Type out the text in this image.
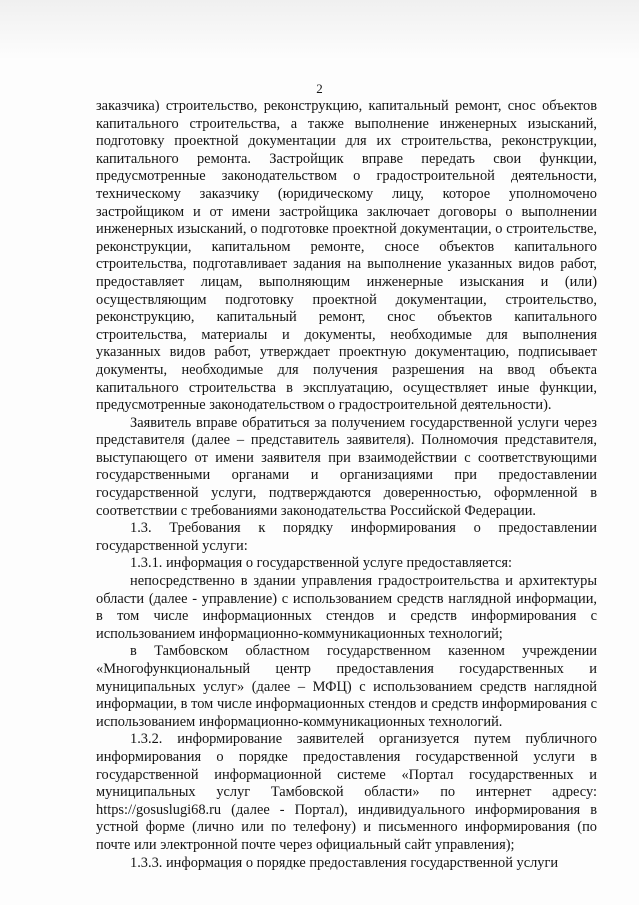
2

заказчика) строительство, реконструкцию, капитальный ремонт, снос объектов капитального строительства, а также выполнение инженерных изысканий, подготовку проектной документации для их строительства, реконструкции, капитального ремонта. Застройщик вправе передать свои функции, предусмотренные законодательством о градостроительной деятельности, техническому заказчику (юридическому лицу, которое уполномочено застройщиком и от имени застройщика заключает договоры о выполнении инженерных изысканий, о подготовке проектной документации, о строительстве, реконструкции, капитальном ремонте, сносе объектов капитального строительства, подготавливает задания на выполнение указанных видов работ, предоставляет лицам, выполняющим инженерные изыскания и (или) осуществляющим подготовку проектной документации, строительство, реконструкцию, капитальный ремонт, снос объектов капитального строительства, материалы и документы, необходимые для выполнения указанных видов работ, утверждает проектную документацию, подписывает документы, необходимые для получения разрешения на ввод объекта капитального строительства в эксплуатацию, осуществляет иные функции, предусмотренные законодательством о градостроительной деятельности).

Заявитель вправе обратиться за получением государственной услуги через представителя (далее – представитель заявителя). Полномочия представителя, выступающего от имени заявителя при взаимодействии с соответствующими государственными органами и организациями при предоставлении государственной услуги, подтверждаются доверенностью, оформленной в соответствии с требованиями законодательства Российской Федерации.

1.3. Требования к порядку информирования о предоставлении государственной услуги:

1.3.1. информация о государственной услуге предоставляется:

непосредственно в здании управления градостроительства и архитектуры области (далее - управление) с использованием средств наглядной информации, в том числе информационных стендов и средств информирования с использованием информационно-коммуникационных технологий;

в Тамбовском областном государственном казенном учреждении «Многофункциональный центр предоставления государственных и муниципальных услуг» (далее – МФЦ) с использованием средств наглядной информации, в том числе информационных стендов и средств информирования с использованием информационно-коммуникационных технологий.

1.3.2. информирование заявителей организуется путем публичного информирования о порядке предоставления государственной услуги в государственной информационной системе «Портал государственных и муниципальных услуг Тамбовской области» по интернет адресу: https://gosuslugi68.ru (далее - Портал), индивидуального информирования в устной форме (лично или по телефону) и письменного информирования (по почте или электронной почте через официальный сайт управления);

1.3.3. информация о порядке предоставления государственной услуги
